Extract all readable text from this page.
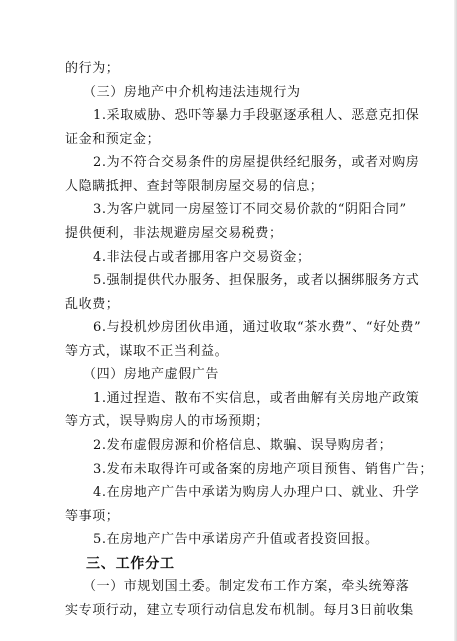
的行为；
（三）房地产中介机构违法违规行为
1.采取威胁、恐吓等暴力手段驱逐承租人、恶意克扣保
证金和预定金；
2.为不符合交易条件的房屋提供经纪服务，或者对购房
人隐瞒抵押、查封等限制房屋交易的信息；
3.为客户就同一房屋签订不同交易价款的“阴阳合同”
提供便利，非法规避房屋交易税费；
4.非法侵占或者挪用客户交易资金；
5.强制提供代办服务、担保服务，或者以捆绑服务方式
乱收费；
6.与投机炒房团伙串通，通过收取“茶水费”、“好处费”
等方式，谋取不正当利益。
（四）房地产虚假广告
1.通过捏造、散布不实信息，或者曲解有关房地产政策
等方式，误导购房人的市场预期；
2.发布虚假房源和价格信息、欺骗、误导购房者；
3.发布未取得许可或备案的房地产项目预售、销售广告；
4.在房地产广告中承诺为购房人办理户口、就业、升学
等事项；
5.在房地产广告中承诺房产升值或者投资回报。
三、工作分工
（一）市规划国土委。制定发布工作方案，牵头统筹落
实专项行动，建立专项行动信息发布机制。每月3日前收集
